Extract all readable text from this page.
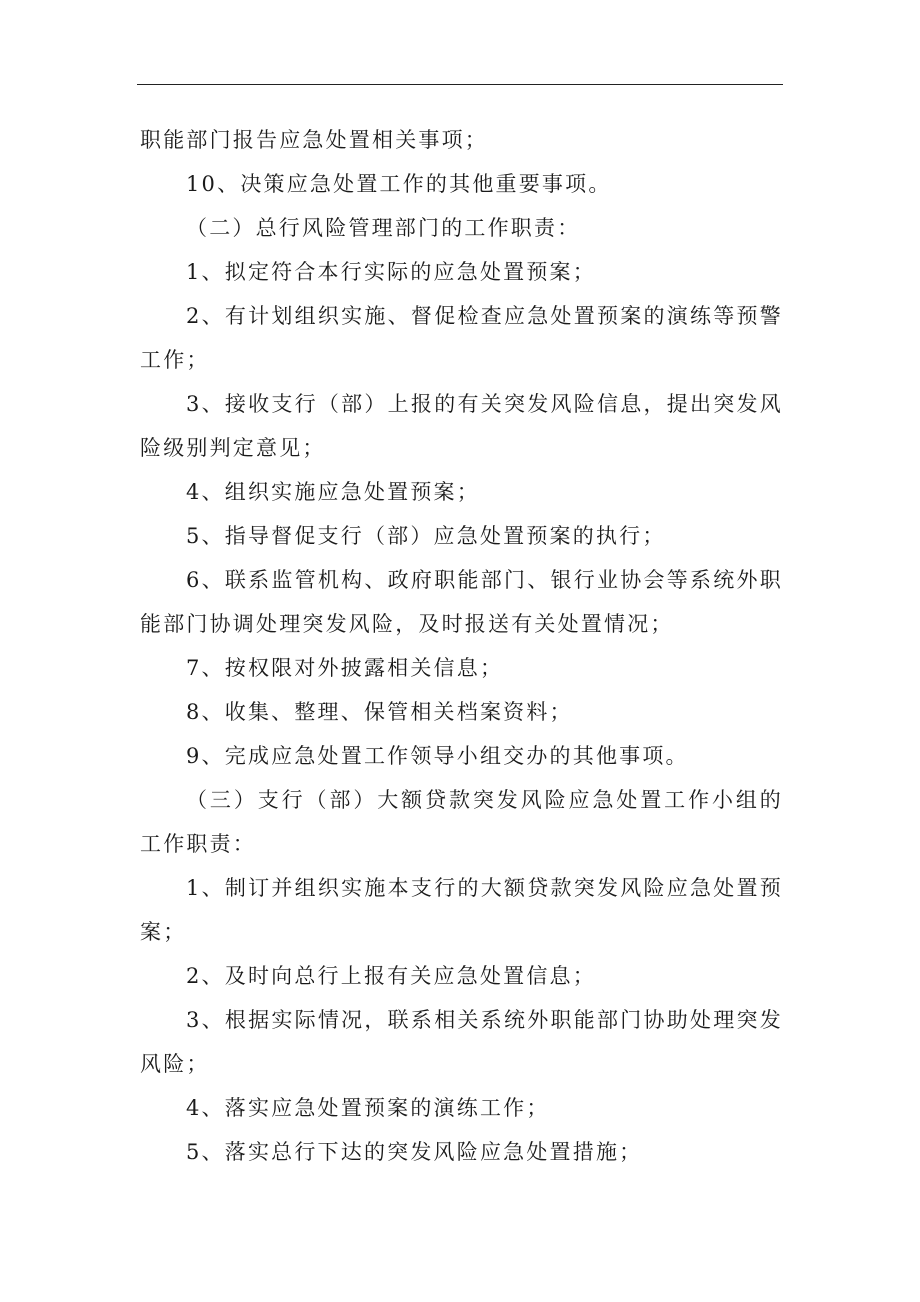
职能部门报告应急处置相关事项；

10、决策应急处置工作的其他重要事项。

（二）总行风险管理部门的工作职责：

1、拟定符合本行实际的应急处置预案；

2、有计划组织实施、督促检查应急处置预案的演练等预警工作；

3、接收支行（部）上报的有关突发风险信息，提出突发风险级别判定意见；

4、组织实施应急处置预案；

5、指导督促支行（部）应急处置预案的执行；

6、联系监管机构、政府职能部门、银行业协会等系统外职能部门协调处理突发风险，及时报送有关处置情况；

7、按权限对外披露相关信息；

8、收集、整理、保管相关档案资料；

9、完成应急处置工作领导小组交办的其他事项。

（三）支行（部）大额贷款突发风险应急处置工作小组的工作职责：

1、制订并组织实施本支行的大额贷款突发风险应急处置预案；

2、及时向总行上报有关应急处置信息；

3、根据实际情况，联系相关系统外职能部门协助处理突发风险；

4、落实应急处置预案的演练工作；

5、落实总行下达的突发风险应急处置措施；
